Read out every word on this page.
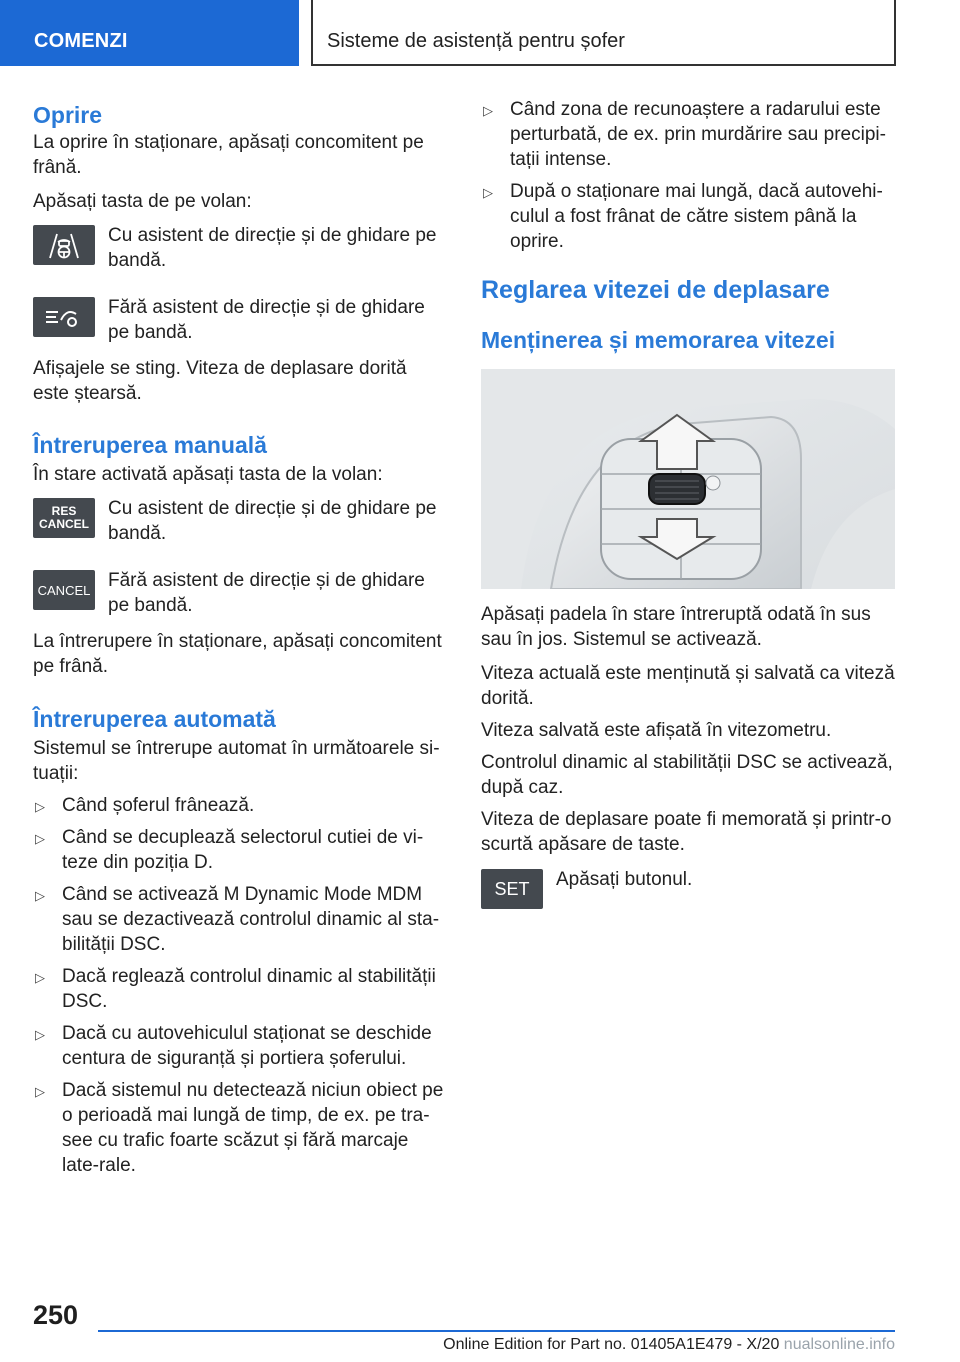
COMENZI	Sisteme de asistență pentru șofer
Oprire

La oprire în staționare, apăsați concomitent pe frână.

Apăsați tasta de pe volan:

Cu asistent de direcție și de ghidare pe bandă.

Fără asistent de direcție și de ghidare pe bandă.

Afișajele se sting. Viteza de deplasare dorită este ștearsă.

Întreruperea manuală

În stare activată apăsați tasta de la volan:

RES
CANCEL

Cu asistent de direcție și de ghidare pe bandă.

CANCEL Fără asistent de direcție și de ghidare pe bandă.

La întrerupere în staționare, apăsați concomitent pe frână.

Întreruperea automată

Sistemul se întrerupe automat în următoarele si-tuații:

▷ Când șoferul frânează.
▷ Când se decuplează selectorul cutiei de vi-teze din poziția D.
▷ Când se activează M Dynamic Mode MDM sau se dezactivează controlul dinamic al sta-bilității DSC.
▷ Dacă reglează controlul dinamic al stabilității DSC.
▷ Dacă cu autovehiculul staționat se deschide centura de siguranță și portiera șoferului.
▷ Dacă sistemul nu detectează niciun obiect pe o perioadă mai lungă de timp, de ex. pe tra-see cu trafic foarte scăzut și fără marcaje late-rale.
▷ Când zona de recunoaștere a radarului este perturbată, de ex. prin murdărire sau precipi-tații intense.
▷ După o staționare mai lungă, dacă autovehi-culul a fost frânat de către sistem până la oprire.
Reglarea vitezei de deplasare
Menținerea și memorarea vitezei

Apăsați padela în stare întreruptă odată în sus sau în jos. Sistemul se activează.

Viteza actuală este menținută și salvată ca viteză dorită.

Viteza salvată este afișată în vitezometru.

Controlul dinamic al stabilității DSC se activează, după caz.

Viteza de deplasare poate fi memorată și printr-o scurtă apăsare de taste.

SET Apăsați butonul.

250
Online Edition for Part no. 01405A1E479 - X/20 nualsonline.info
